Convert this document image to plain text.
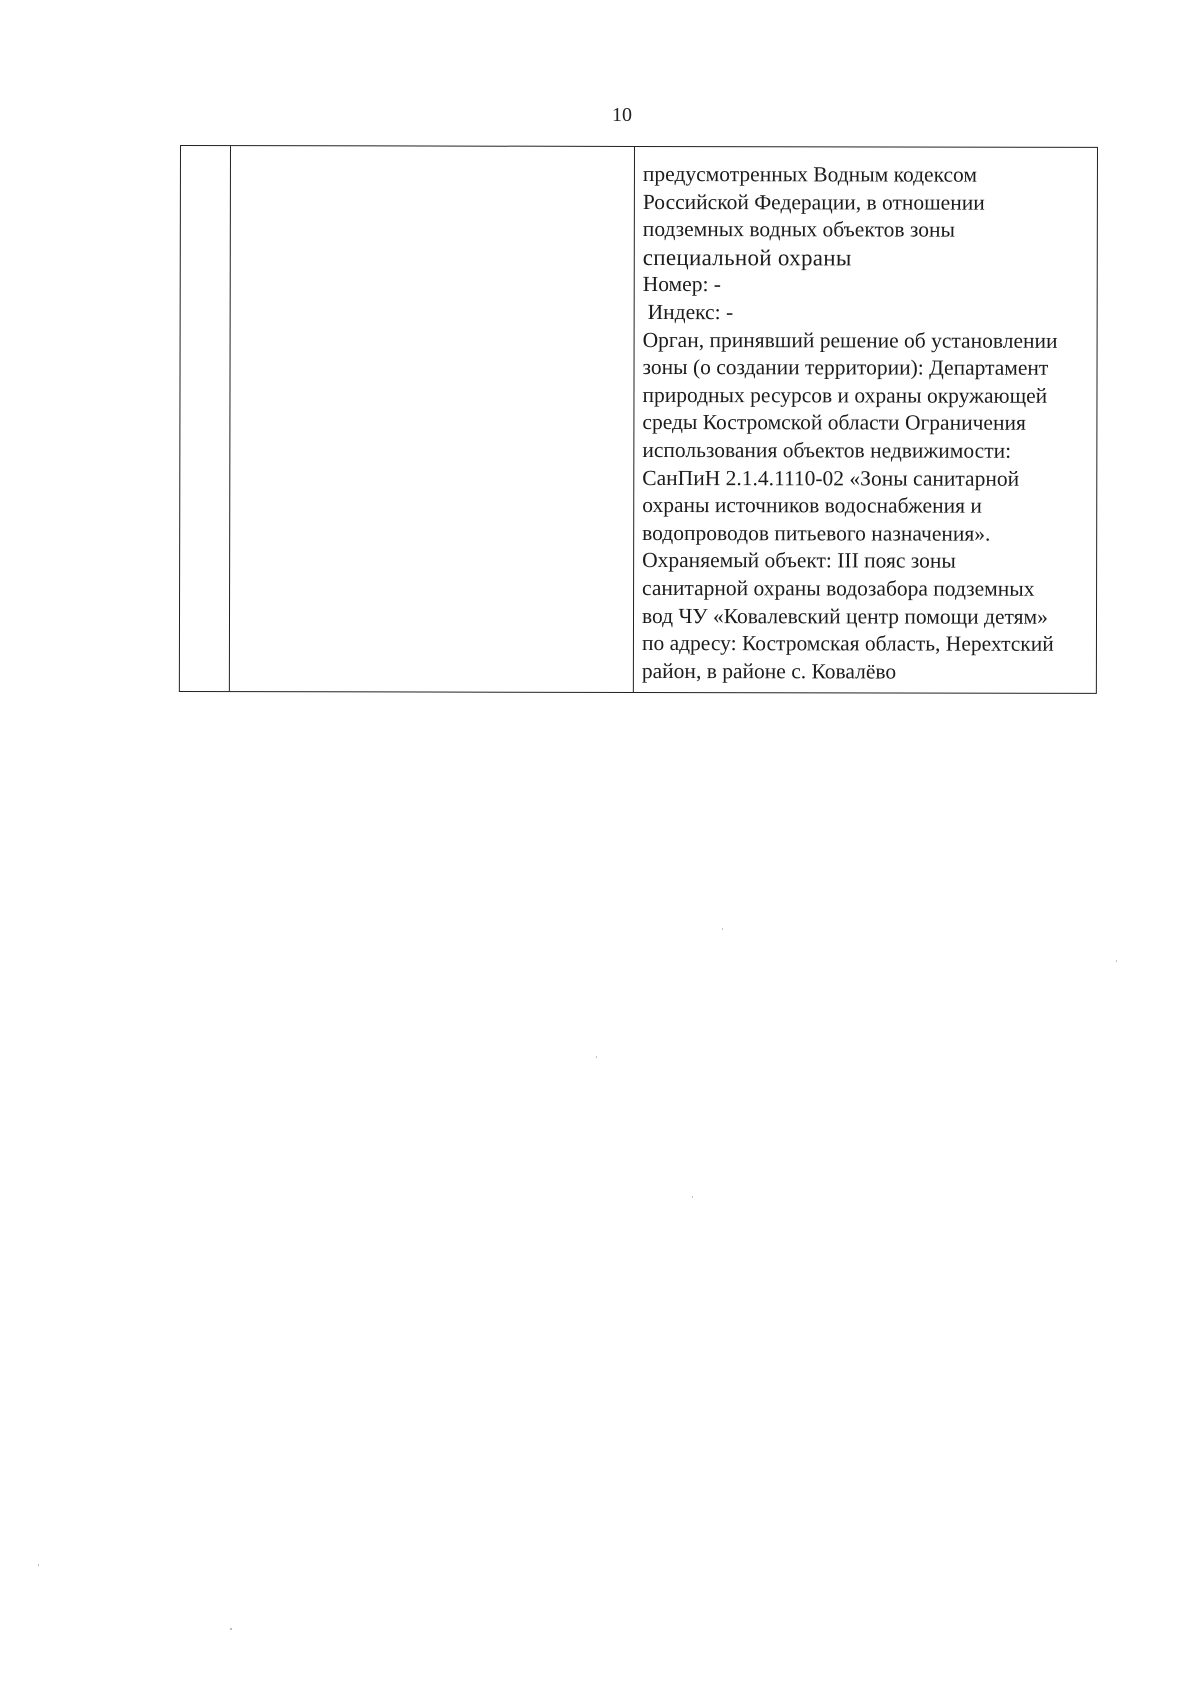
10
предусмотренных Водным кодексом
Российской Федерации, в отношении
подземных водных объектов зоны
специальной охраны
Номер: -
Индекс: -
Орган, принявший решение об установлении
зоны (о создании территории): Департамент
природных ресурсов и охраны окружающей
среды Костромской области Ограничения
использования объектов недвижимости:
СанПиН 2.1.4.1110-02 «Зоны санитарной
охраны источников водоснабжения и
водопроводов питьевого назначения».
Охраняемый объект: III пояс зоны
санитарной охраны водозабора подземных
вод ЧУ «Ковалевский центр помощи детям»
по адресу: Костромская область, Нерехтский
район, в районе с. Ковалёво
